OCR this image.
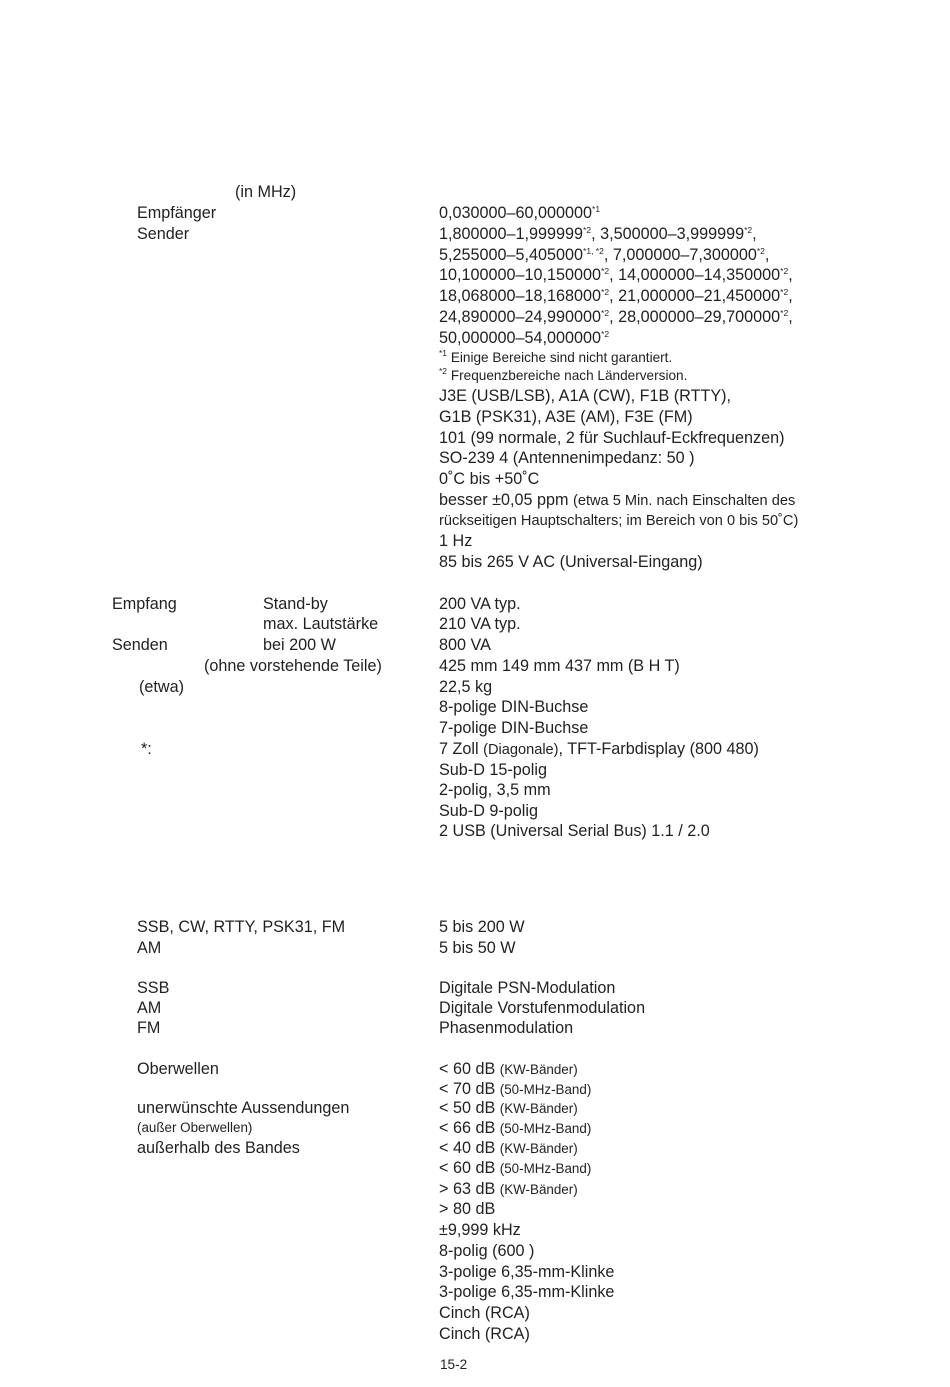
(in MHz)
Empfänger
Sender
Empfang	Stand-by
max. Lautstärke
Senden	bei 200 W
(ohne vorstehende Teile)
(etwa)
*:
SSB, CW, RTTY, PSK31, FM
AM
SSB
AM
FM
Oberwellen
unerwünschte Aussendungen
(außer Oberwellen)
außerhalb des Bandes
0,030000–60,000000$^{*1}$
1,800000–1,999999$^{*2}$, 3,500000–3,999999$^{*2}$,
$5,255000-5,405000^{*1, *2}$, 7,000000–7,300000$^{*2}$,
10,100000–10,150000$^{*2}$, 14,000000–14,350000$^{*2}$,
18,068000–18,168000$^{*2}$, 21,000000–21,450000$^{*2}$,
24,890000–24,990000$^{*2}$, 28,000000–29,700000$^{*2}$,
50,000000–54,000000$^{*2}$
$^{*1}$ Einige Bereiche sind nicht garantiert.
$^{*2}$ Frequenzbereiche nach Länderversion.
J3E (USB/LSB), A1A (CW), F1B (RTTY),
G1B (PSK31), A3E (AM), F3E (FM)
101 (99 normale, 2 für Suchlauf-Eckfrequenzen)
SO-239 4 (Antennenimpedanz: 50 )
0˚C bis +50˚C
besser ±0,05 ppm (etwa 5 Min. nach Einschalten des
rückseitigen Hauptschalters; im Bereich von 0 bis 50˚C)
1 Hz
85 bis 265 V AC (Universal-Eingang)
200 VA typ.
210 VA typ.
800 VA
425 mm 149 mm 437 mm (B H T)
22,5 kg
8-polige DIN-Buchse
7-polige DIN-Buchse
7 Zoll (Diagonale), TFT-Farbdisplay (800 480)
Sub-D 15-polig
2-polig, 3,5 mm
Sub-D 9-polig
2 USB (Universal Serial Bus) 1.1 / 2.0
5 bis 200 W
5 bis 50 W
Digitale PSN-Modulation
Digitale Vorstufenmodulation
Phasenmodulation
< 60 dB (KW-Bänder)
< 70 dB (50-MHz-Band)
< 50 dB (KW-Bänder)
< 66 dB (50-MHz-Band)
< 40 dB (KW-Bänder)
< 60 dB (50-MHz-Band)
> 63 dB (KW-Bänder)
> 80 dB
±9,999 kHz
8-polig (600 )
3-polige 6,35-mm-Klinke
3-polige 6,35-mm-Klinke
Cinch (RCA)
Cinch (RCA)
15-2
